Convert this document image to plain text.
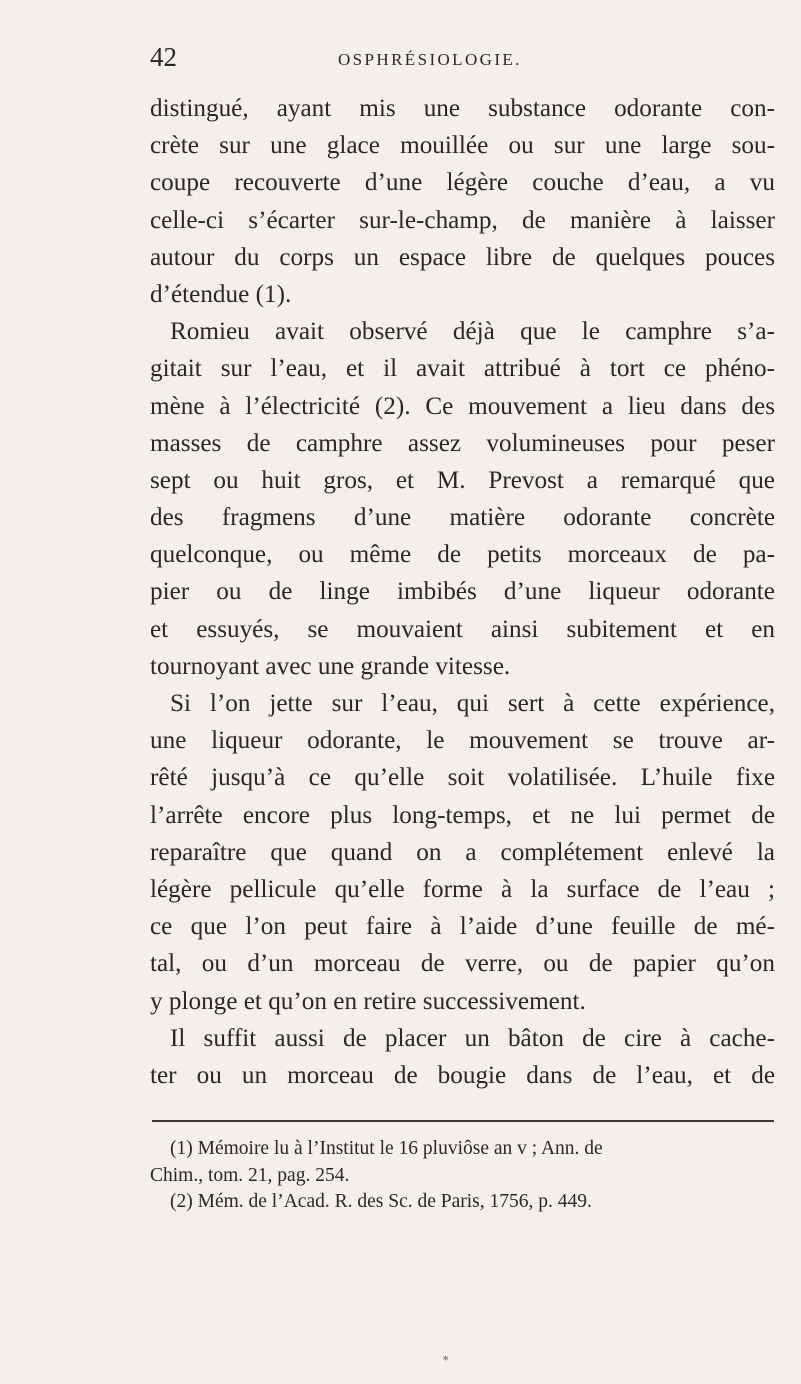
42	OSPHRÉSIOLOGIE.
distingué, ayant mis une substance odorante con-
crète sur une glace mouillée ou sur une large sou-
coupe recouverte d’une légère couche d’eau, a vu
celle-ci s’écarter sur-le-champ, de manière à laisser
autour du corps un espace libre de quelques pouces
d’étendue (1).
Romieu avait observé déjà que le camphre s’a-
gitait sur l’eau, et il avait attribué à tort ce phéno-
mène à l’électricité (2). Ce mouvement a lieu dans des
masses de camphre assez volumineuses pour peser
sept ou huit gros, et M. Prevost a remarqué que
des fragmens d’une matière odorante concrète
quelconque, ou même de petits morceaux de pa-
pier ou de linge imbibés d’une liqueur odorante
et essuyés, se mouvaient ainsi subitement et en
tournoyant avec une grande vitesse.
Si l’on jette sur l’eau, qui sert à cette expérience,
une liqueur odorante, le mouvement se trouve ar-
rêté jusqu’à ce qu’elle soit volatilisée. L’huile fixe
l’arrête encore plus long-temps, et ne lui permet de
reparaître que quand on a complétement enlevé la
légère pellicule qu’elle forme à la surface de l’eau ;
ce que l’on peut faire à l’aide d’une feuille de mé-
tal, ou d’un morceau de verre, ou de papier qu’on
y plonge et qu’on en retire successivement.
Il suffit aussi de placer un bâton de cire à cache-
ter ou un morceau de bougie dans de l’eau, et de
(1) Mémoire lu à l’Institut le 16 pluviôse an v ; Ann. de
Chim., tom. 21, pag. 254.
(2) Mém. de l’Acad. R. des Sc. de Paris, 1756, p. 449.
*
